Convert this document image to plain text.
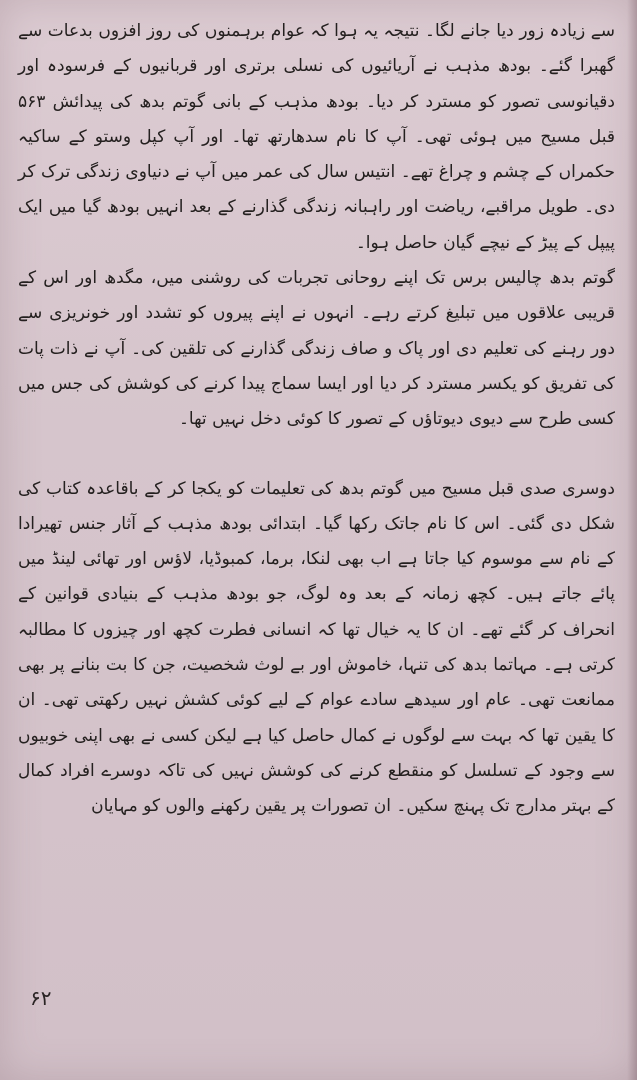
سے زیادہ زور دیا جانے لگا۔ نتیجہ یہ ہوا کہ عوام برہمنوں کی روز افزوں بدعات سے گھبرا گئے۔ بودھ مذہب نے آریائیوں کی نسلی برتری اور قربانیوں کے فرسودہ اور دقیانوسی تصور کو مسترد کر دیا۔ بودھ مذہب کے بانی گوتم بدھ کی پیدائش ۵۶۳ قبل مسیح میں ہوئی تھی۔ آپ کا نام سدھارتھ تھا۔ اور آپ کپل وستو کے ساکیہ حکمراں کے چشم و چراغ تھے۔ انتیس سال کی عمر میں آپ نے دنیاوی زندگی ترک کر دی۔ طویل مراقبے، ریاضت اور راہبانہ زندگی گذارنے کے بعد انہیں بودھ گیا میں ایک پیپل کے پیڑ کے نیچے گیان حاصل ہوا۔

گوتم بدھ چالیس برس تک اپنے روحانی تجربات کی روشنی میں، مگدھ اور اس کے قریبی علاقوں میں تبلیغ کرتے رہے۔ انہوں نے اپنے پیروں کو تشدد اور خونریزی سے دور رہنے کی تعلیم دی اور پاک و صاف زندگی گذارنے کی تلقین کی۔ آپ نے ذات پات کی تفریق کو یکسر مسترد کر دیا اور ایسا سماج پیدا کرنے کی کوشش کی جس میں کسی طرح سے دیوی دیوتاؤں کے تصور کا کوئی دخل نہیں تھا۔

دوسری صدی قبل مسیح میں گوتم بدھ کی تعلیمات کو یکجا کر کے باقاعدہ کتاب کی شکل دی گئی۔ اس کا نام جاتک رکھا گیا۔ ابتدائی بودھ مذہب کے آثار جنس تھیرادا کے نام سے موسوم کیا جاتا ہے اب بھی لنکا، برما، کمبوڈیا، لاؤس اور تھائی لینڈ میں پائے جاتے ہیں۔ کچھ زمانہ کے بعد وہ لوگ، جو بودھ مذہب کے بنیادی قوانین کے انحراف کر گئے تھے۔ ان کا یہ خیال تھا کہ انسانی فطرت کچھ اور چیزوں کا مطالبہ کرتی ہے۔ مہاتما بدھ کی تنہا، خاموش اور بے لوث شخصیت، جن کا بت بنانے پر بھی ممانعت تھی۔ عام اور سیدھے سادے عوام کے لیے کوئی کشش نہیں رکھتی تھی۔ ان کا یقین تھا کہ بہت سے لوگوں نے کمال حاصل کیا ہے لیکن کسی نے بھی اپنی خوبیوں سے وجود کے تسلسل کو منقطع کرنے کی کوشش نہیں کی تاکہ دوسرے افراد کمال کے بہتر مدارج تک پہنچ سکیں۔ ان تصورات پر یقین رکھنے والوں کو مہایان

۶۲
